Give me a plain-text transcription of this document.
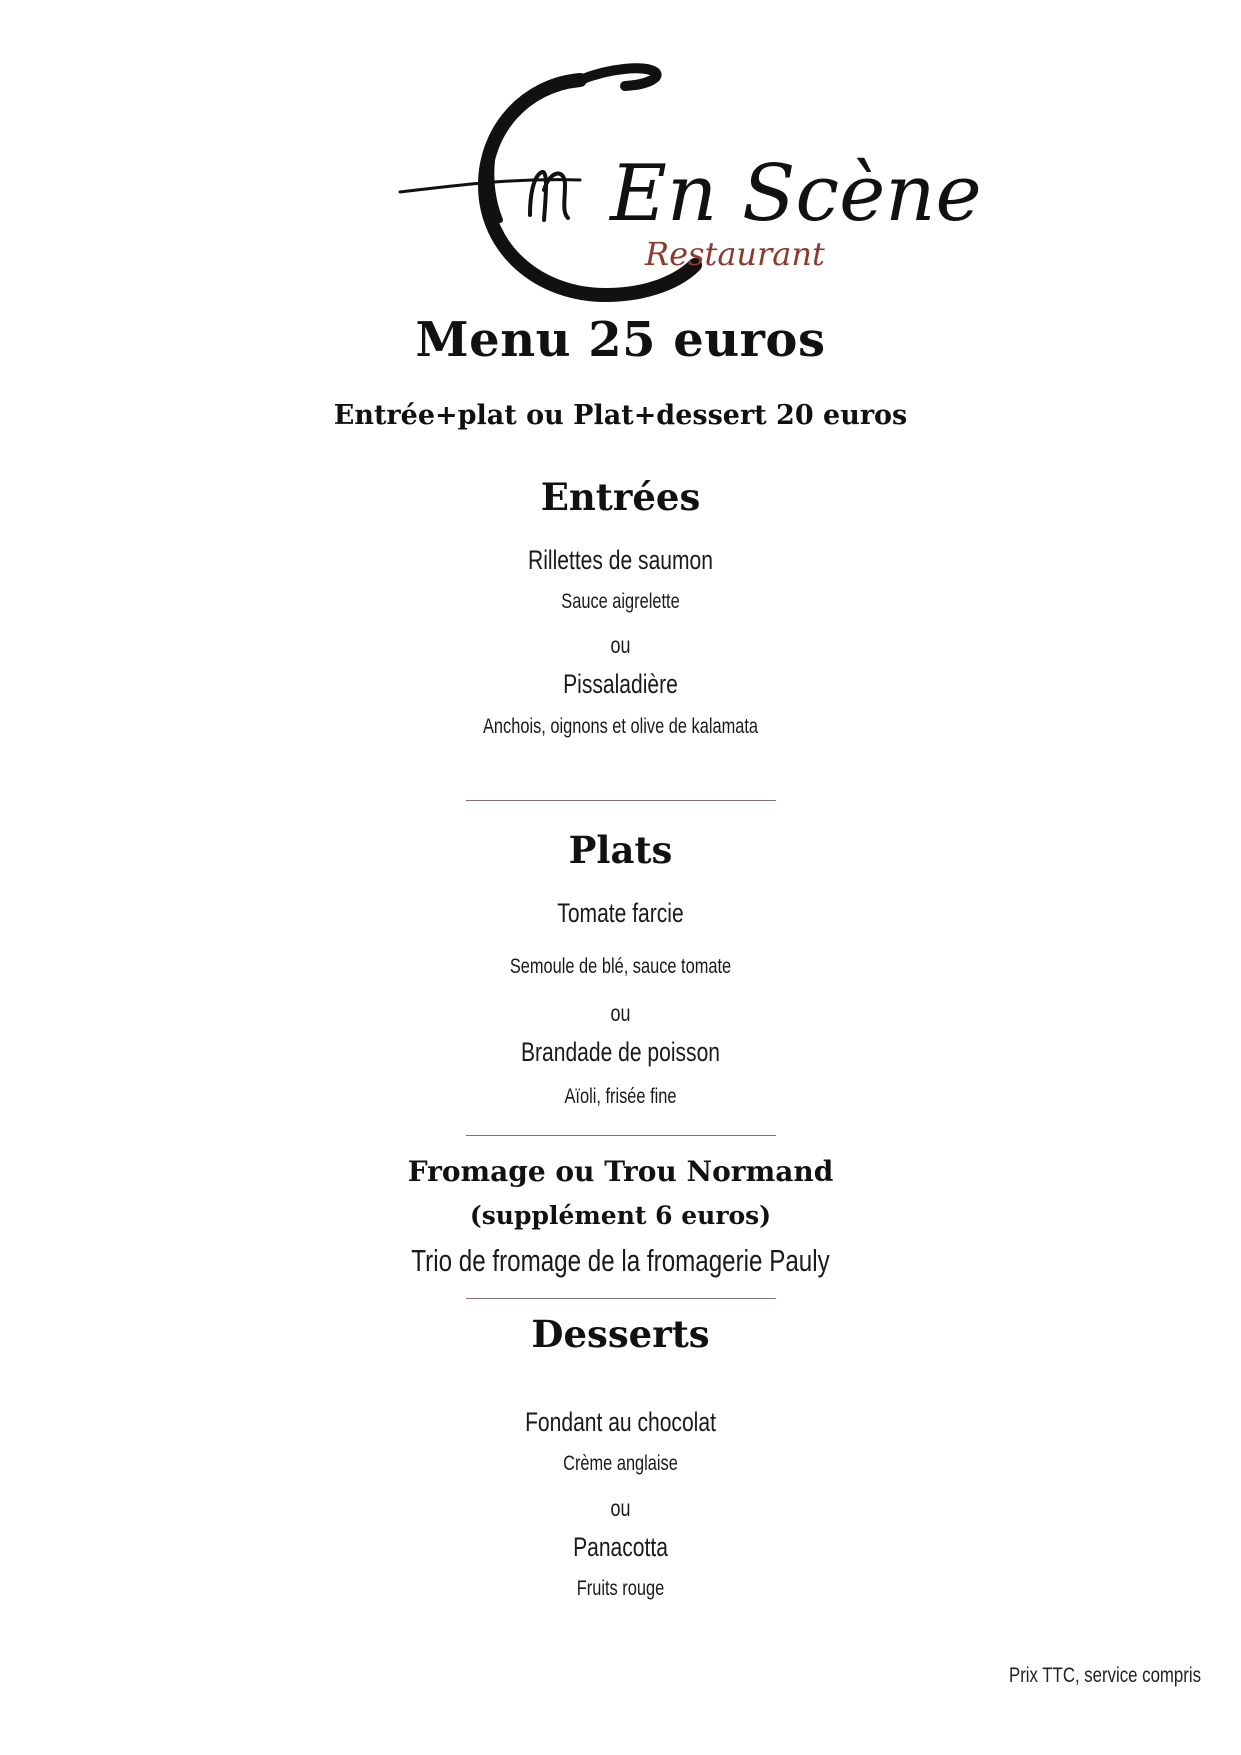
En Scène
Restaurant
Menu 25 euros
Entrée+plat ou Plat+dessert 20 euros
Entrées

Rillettes de saumon

Sauce aigrelette

ou

Pissaladière

Anchois, oignons et olive de kalamata

Plats

Tomate farcie

Semoule de blé, sauce tomate

ou

Brandade de poisson

Aïoli, frisée fine

Fromage ou Trou Normand

(supplément 6 euros)

Trio de fromage de la fromagerie Pauly

Desserts

Fondant au chocolat

Crème anglaise

ou

Panacotta

Fruits rouge

Prix TTC, service compris
